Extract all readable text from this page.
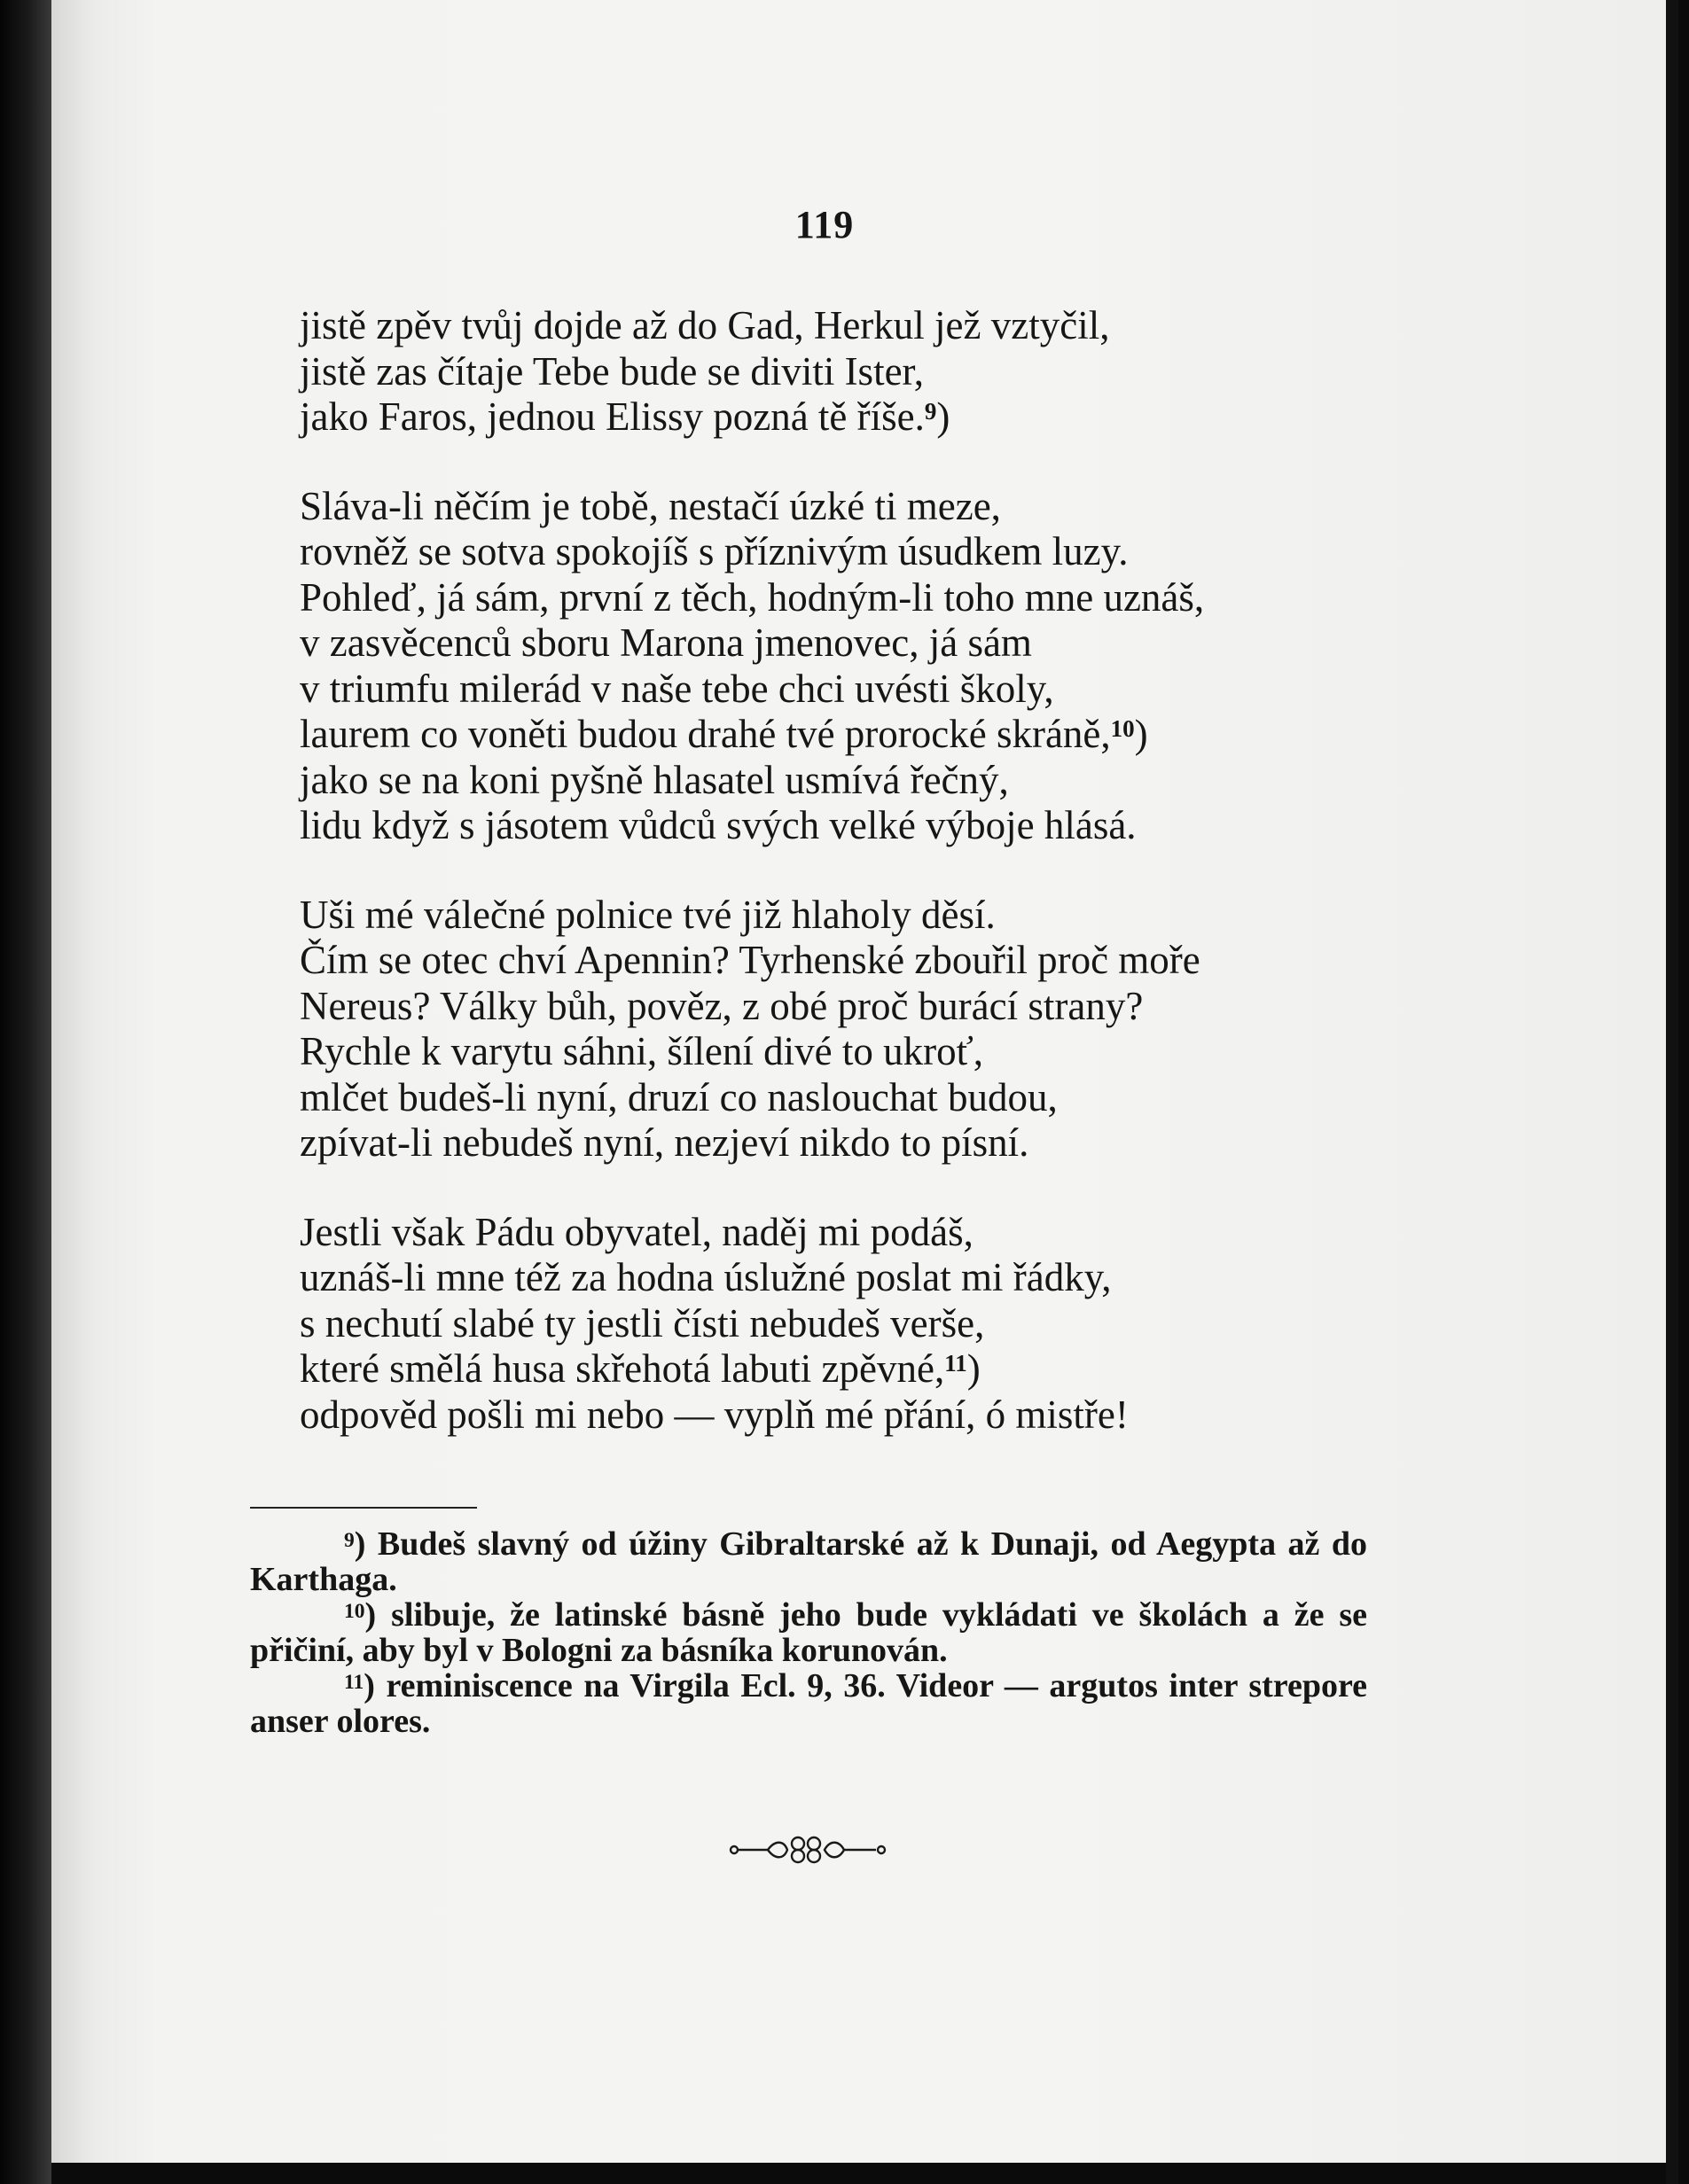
119
jistě zpěv tvůj dojde až do Gad, Herkul jež vztyčil,
jistě zas čítaje Tebe bude se diviti Ister,
jako Faros, jednou Elissy pozná tě říše.$^9$)
Sláva-li něčím je tobě, nestačí úzké ti meze,
rovněž se sotva spokojíš s příznivým úsudkem luzy.
Pohleď, já sám, první z těch, hodným-li toho mne uznáš,
v zasvěcenců sboru Marona jmenovec, já sám
v triumfu milerád v naše tebe chci uvésti školy,
laurem co voněti budou drahé tvé prorocké skráně,$^{10}$)
jako se na koni pyšně hlasatel usmívá řečný,
lidu když s jásotem vůdců svých velké výboje hlásá.
Uši mé válečné polnice tvé již hlaholy děsí.
Čím se otec chví Apennin? Tyrhenské zbouřil proč moře
Nereus? Války bůh, pověz, z obé proč burácí strany?
Rychle k varytu sáhni, šílení divé to ukroť,
mlčet budeš-li nyní, druzí co naslouchat budou,
zpívat-li nebudeš nyní, nezjeví nikdo to písní.
Jestli však Pádu obyvatel, naděj mi podáš,
uznáš-li mne též za hodna úslužné poslat mi řádky,
s nechutí slabé ty jestli čísti nebudeš verše,
které smělá husa skřehotá labuti zpěvné,$^{11}$)
odpověd pošli mi nebo — vyplň mé přání, ó mistře!
$^9$) Budeš slavný od úžiny Gibraltarské až k Dunaji, od Aegypta až do Karthaga.
$^{10}$) slibuje, že latinské básně jeho bude vykládati ve školách a že se přičiní, aby byl v Bologni za básníka korunován.
$^{11}$) reminiscence na Virgila Ecl. 9, 36. Videor — argutos inter strepore anser olores.
